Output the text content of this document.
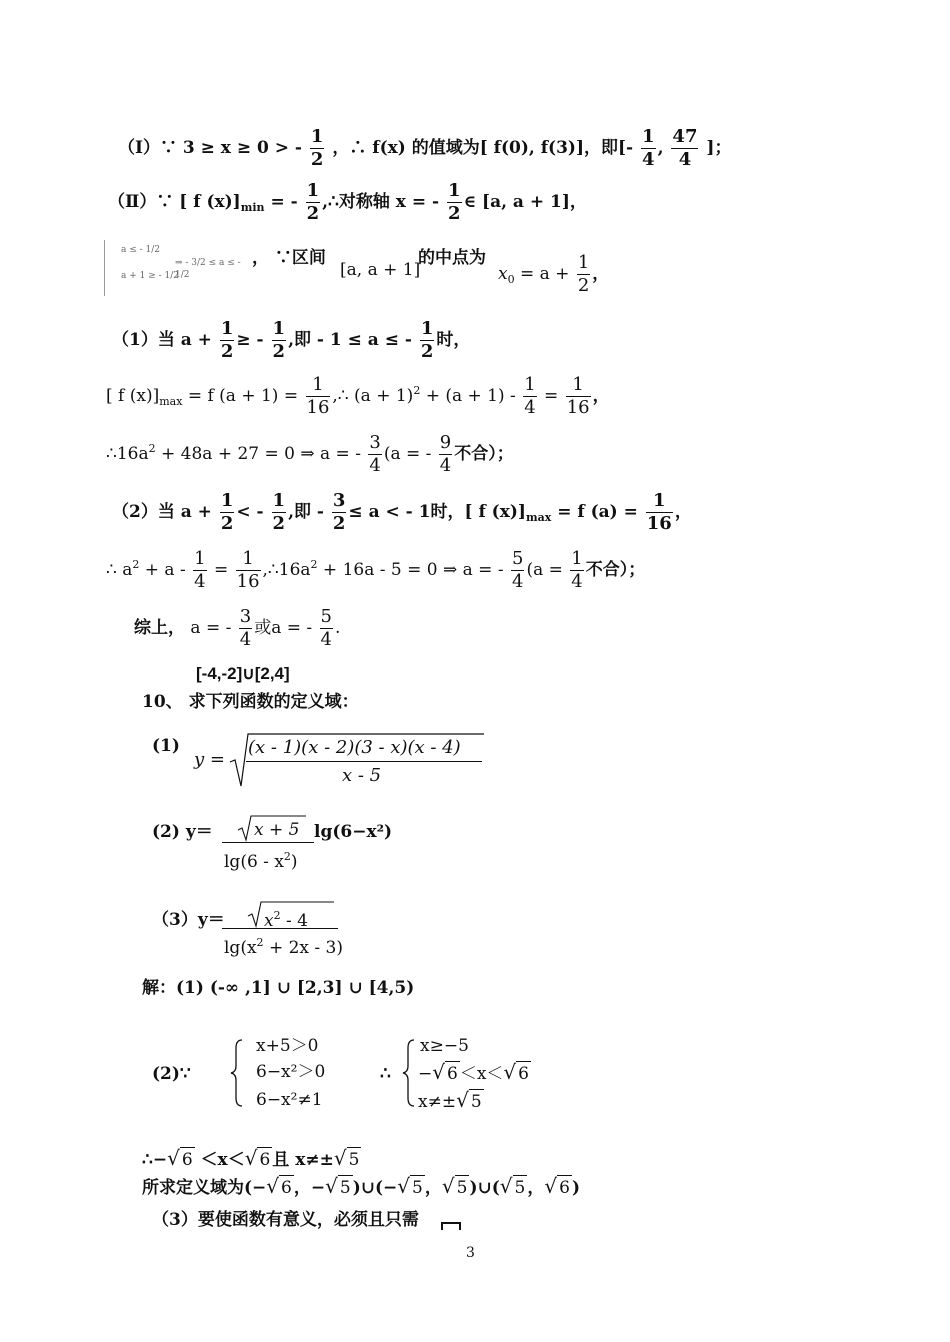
（Ⅰ）∵ 3 ≥ x ≥ 0 > - $\frac{1}{2}$ ，∴ f(x) 的值域为[ f(0), f(3)]，即[- $\frac{1}{4}$ , $\frac{47}{4}$ ]；
（Ⅱ）∵ [ f $(x)]_{min}$ = - $\frac{1}{2}$ ,∴对称轴 x = - $\frac{1}{2}$ ∈ [a, a + 1]，
a ≤ - 1/2
a + 1 ≥ - 1/2
⇒ - 3/2 ≤ a ≤ - 1/2
， ∵区间
[a, a + 1]
的中点为
$x_0 = a + \frac{1}{2}$ ，
（1）当 $a + \frac{1}{2}$ ≥ - $\frac{1}{2}$ ,即 - 1 ≤ a ≤ - $\frac{1}{2}$ 时，
[ f $(x)]_{max} = f$ $(a + 1) = \frac{1}{16}$ ,∴ $(a + 1)^2 + (a + 1) - \frac{1}{4} = \frac{1}{16}$ ，
$\therefore 16a^2 + 48a + 27 = 0$ ⇒ a = - $\frac{3}{4} (a$ = - $\frac{9}{4}$ 不合）；
（2）当 $a + \frac{1}{2}$ < - $\frac{1}{2}$ ,即 - $\frac{3}{2} \le a$ < - 1时，[ f $(x)]_{max} = f$ $(a) = \frac{1}{16}$ ，
∴ $a^2 + a - \frac{1}{4} = \frac{1}{16}$ $,\therefore 16a^2 + 16a - 5 = 0$ ⇒ a = - $\frac{5}{4} (a = \frac{1}{4}$ 不合）；
综上， a = - $\frac{3}{4}$ 或a = - $\frac{5}{4}$ .
[-4,-2]∪[2,4]
10、 求下列函数的定义域：
(1)
y =
(x - 1)(x - 2)(3 - x)(x - 4)
x - 5
(2) y＝ x + 5
$\lg(6 - x^2)$
lg(6−x²)
$(3)y= x^2 - 4$
$\lg(x^2 + 2x - 3)$
解：(1) (-∞ ,1] ∪ [2,3] ∪ [4,5)
(2)∵
x+5＞0
6−x²＞0
6−x²≠1
∴
x≥−5
−√ 6 ＜x＜√ 6
x≠±√ 5
∴−√ 6 ＜x＜√ 6 且 x≠±√ 5
所求定义域为(−√ 6 ，−√ 5 )∪(−√ 5 ，√ 5 )∪(√ 5 ，√ 6 )
（3）要使函数有意义，必须且只需
3
